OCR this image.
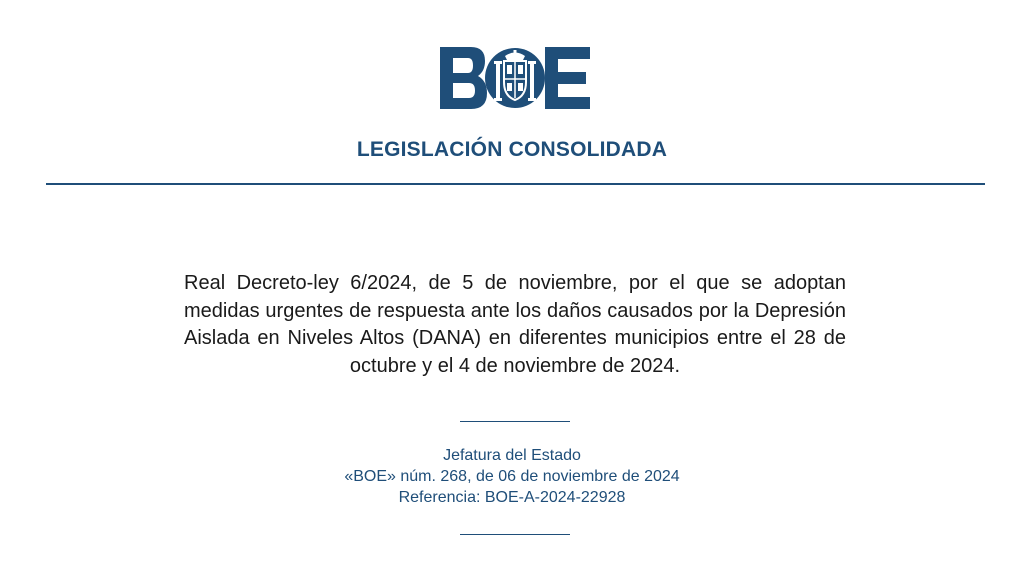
LEGISLACIÓN CONSOLIDADA
Real Decreto-ley 6/2024, de 5 de noviembre, por el que se adoptan medidas urgentes de respuesta ante los daños causados por la Depresión Aislada en Niveles Altos (DANA) en diferentes municipios entre el 28 de octubre y el 4 de noviembre de 2024.
Jefatura del Estado
«BOE» núm. 268, de 06 de noviembre de 2024
Referencia: BOE-A-2024-22928
